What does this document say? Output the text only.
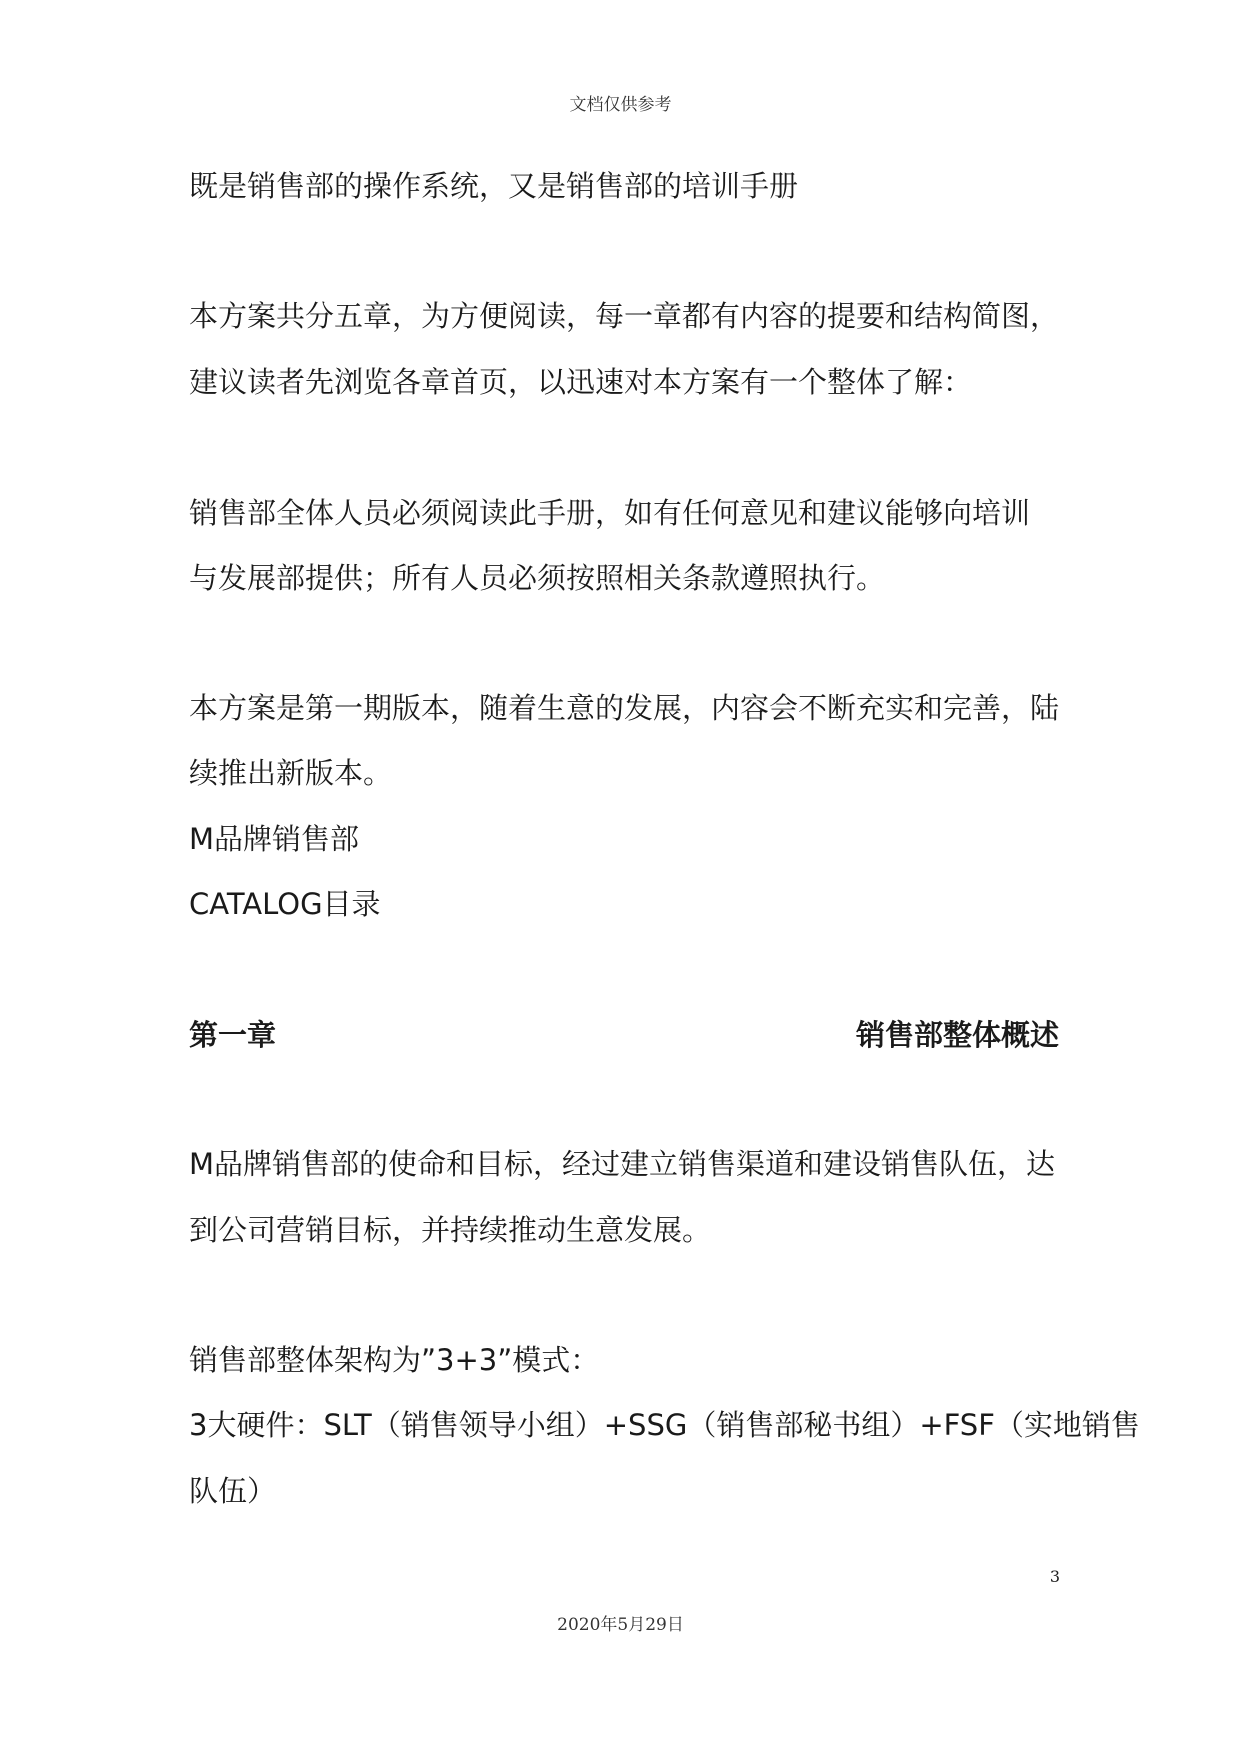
文档仅供参考
既是销售部的操作系统，又是销售部的培训手册
本方案共分五章，为方便阅读，每一章都有内容的提要和结构简图，
建议读者先浏览各章首页，以迅速对本方案有一个整体了解：
销售部全体人员必须阅读此手册，如有任何意见和建议能够向培训
与发展部提供；所有人员必须按照相关条款遵照执行。
本方案是第一期版本，随着生意的发展，内容会不断充实和完善，陆
续推出新版本。
M品牌销售部
CATALOG目录
第一章	销售部整体概述
M品牌销售部的使命和目标，经过建立销售渠道和建设销售队伍，达
到公司营销目标，并持续推动生意发展。
销售部整体架构为”3+3”模式：
3大硬件：SLT（销售领导小组）+SSG（销售部秘书组）+FSF（实地销售
队伍）
3
2020年5月29日
